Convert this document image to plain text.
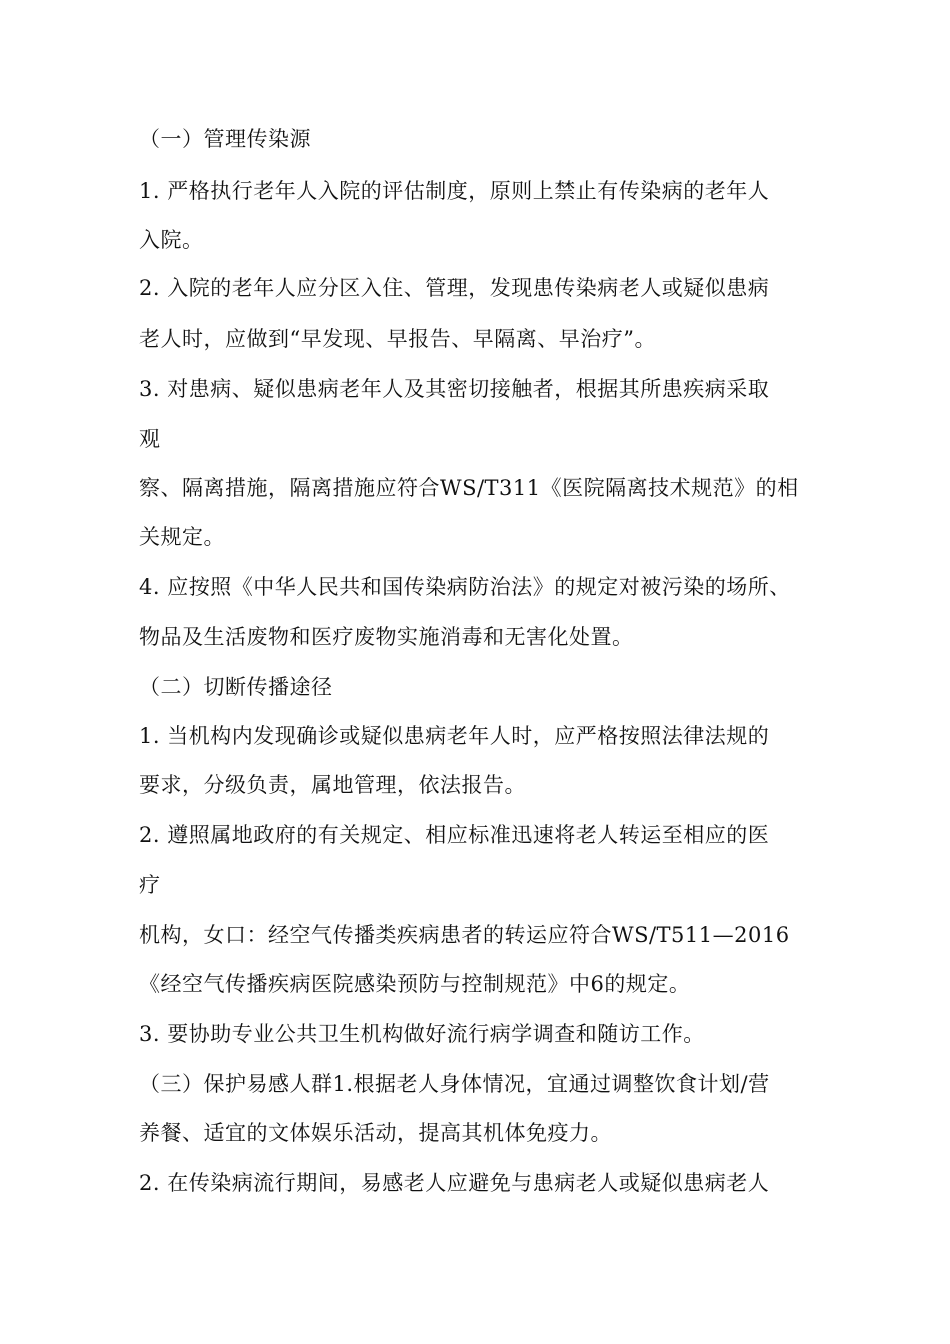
（一）管理传染源
1. 严格执行老年人入院的评估制度，原则上禁止有传染病的老年人
入院。
2. 入院的老年人应分区入住、管理，发现患传染病老人或疑似患病
老人时，应做到“早发现、早报告、早隔离、早治疗”。
3. 对患病、疑似患病老年人及其密切接触者，根据其所患疾病采取
观
察、隔离措施，隔离措施应符合WS/T311《医院隔离技术规范》的相
关规定。
4. 应按照《中华人民共和国传染病防治法》的规定对被污染的场所、
物品及生活废物和医疗废物实施消毒和无害化处置。
（二）切断传播途径
1. 当机构内发现确诊或疑似患病老年人时，应严格按照法律法规的
要求，分级负责，属地管理，依法报告。
2. 遵照属地政府的有关规定、相应标准迅速将老人转运至相应的医
疗
机构，女口：经空气传播类疾病患者的转运应符合WS/T511—2016
《经空气传播疾病医院感染预防与控制规范》中6的规定。
3. 要协助专业公共卫生机构做好流行病学调查和随访工作。
（三）保护易感人群1.根据老人身体情况，宜通过调整饮食计划/营
养餐、适宜的文体娱乐活动，提高其机体免疫力。
2. 在传染病流行期间，易感老人应避免与患病老人或疑似患病老人
